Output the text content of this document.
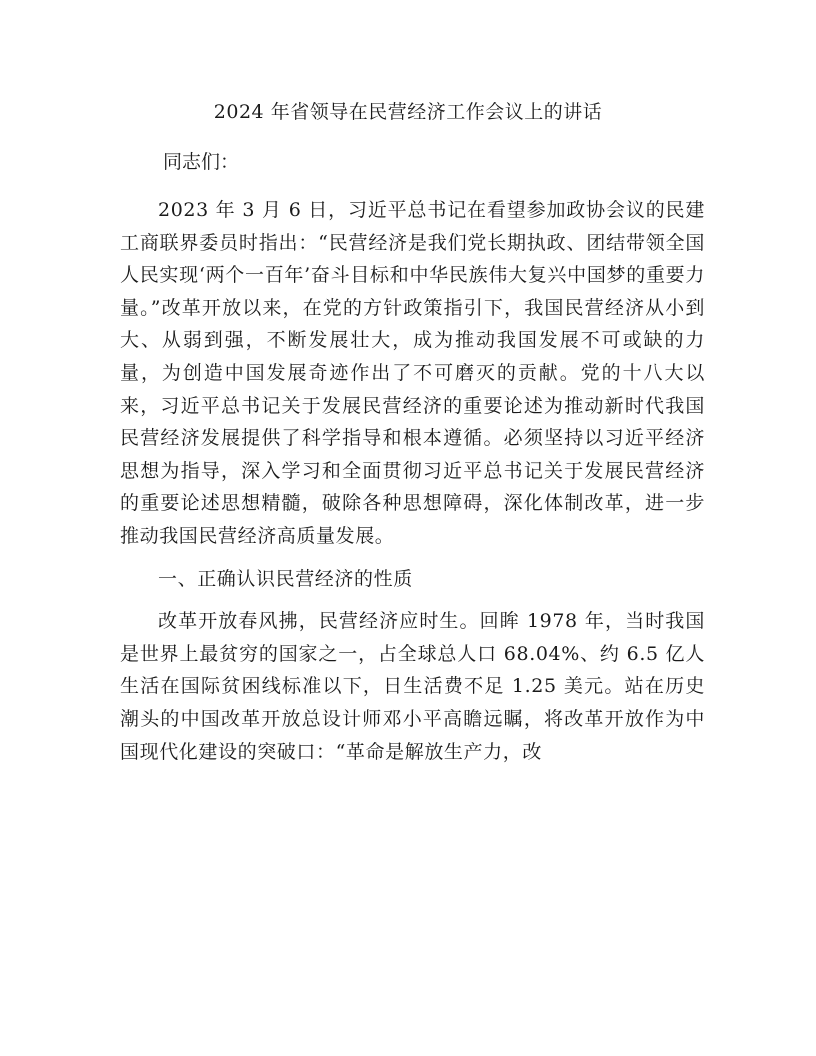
2024 年省领导在民营经济工作会议上的讲话

同志们：

2023 年 3 月 6 日，习近平总书记在看望参加政协会议的民建工商联界委员时指出：“民营经济是我们党长期执政、团结带领全国人民实现‘两个一百年’奋斗目标和中华民族伟大复兴中国梦的重要力量。”改革开放以来，在党的方针政策指引下，我国民营经济从小到大、从弱到强，不断发展壮大，成为推动我国发展不可或缺的力量，为创造中国发展奇迹作出了不可磨灭的贡献。党的十八大以来，习近平总书记关于发展民营经济的重要论述为推动新时代我国民营经济发展提供了科学指导和根本遵循。必须坚持以习近平经济思想为指导，深入学习和全面贯彻习近平总书记关于发展民营经济的重要论述思想精髓，破除各种思想障碍，深化体制改革，进一步推动我国民营经济高质量发展。

一、正确认识民营经济的性质

改革开放春风拂，民营经济应时生。回眸 1978 年，当时我国是世界上最贫穷的国家之一，占全球总人口 68.04%、约 6.5 亿人生活在国际贫困线标准以下，日生活费不足 1.25 美元。站在历史潮头的中国改革开放总设计师邓小平高瞻远瞩，将改革开放作为中国现代化建设的突破口：“革命是解放生产力，改
